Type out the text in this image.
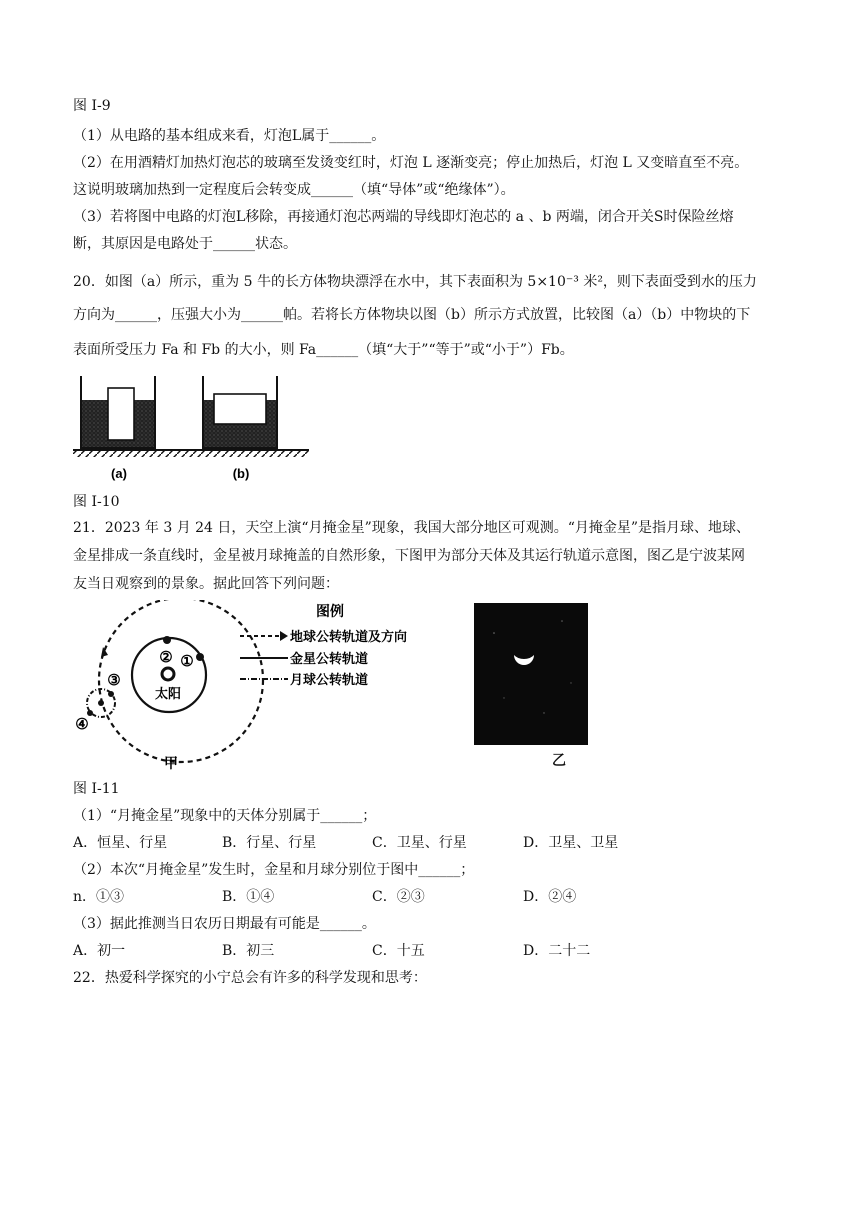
图 I-9
（1）从电路的基本组成来看，灯泡L属于______。
（2）在用酒精灯加热灯泡芯的玻璃至发烫变红时，灯泡 L 逐渐变亮；停止加热后，灯泡 L 又变暗直至不亮。
这说明玻璃加热到一定程度后会转变成______（填“导体”或“绝缘体”）。
（3）若将图中电路的灯泡L移除，再接通灯泡芯两端的导线即灯泡芯的 a 、b 两端，闭合开关S时保险丝熔
断，其原因是电路处于______状态。
20．如图（a）所示，重为 5 牛的长方体物块漂浮在水中，其下表面积为 5×10⁻³ 米²，则下表面受到水的压力
方向为______，压强大小为______帕。若将长方体物块以图（b）所示方式放置，比较图（a）（b）中物块的下
表面所受压力 Fa 和 Fb 的大小，则 Fa______（填“大于”“等于”或“小于”）Fb。
(a)	(b)
图 I-10
21．2023 年 3 月 24 日，天空上演“月掩金星”现象，我国大部分地区可观测。“月掩金星”是指月球、地球、
金星排成一条直线时，金星被月球掩盖的自然形象，下图甲为部分天体及其运行轨道示意图，图乙是宁波某网
友当日观察到的景象。据此回答下列问题：
太阳
② ①
③
④
甲
图例
地球公转轨道及方向
金星公转轨道
月球公转轨道
乙
图 I-11
（1）“月掩金星”现象中的天体分别属于______；
A．恒星、行星	B．行星、行星	C．卫星、行星	D．卫星、卫星
（2）本次“月掩金星”发生时，金星和月球分别位于图中______；
n．①③	B．①④	C．②③	D．②④
（3）据此推测当日农历日期最有可能是______。
A．初一	B．初三	C．十五	D．二十二
22．热爱科学探究的小宁总会有许多的科学发现和思考：
